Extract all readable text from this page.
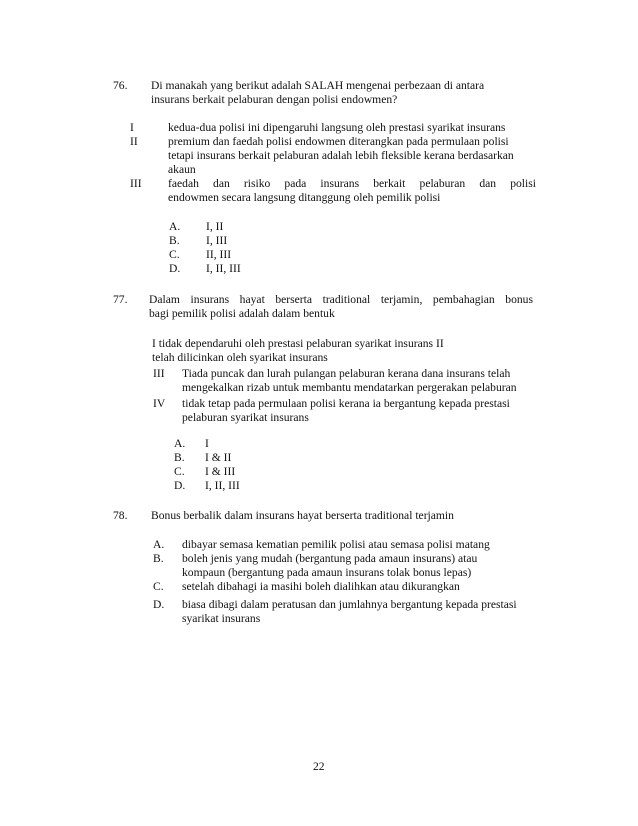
76. Di manakah yang berikut adalah SALAH mengenai perbezaan di antara
insurans berkait pelaburan dengan polisi endowmen?
I	kedua-dua polisi ini dipengaruhi langsung oleh prestasi syarikat insurans
II	premium dan faedah polisi endowmen diterangkan pada permulaan polisi
tetapi insurans berkait pelaburan adalah lebih fleksible kerana berdasarkan
akaun
III faedah dan risiko pada insurans berkait pelaburan dan polisi
endowmen secara langsung ditanggung oleh pemilik polisi
A. I, II
B. I, III
C. II, III
D. I, II, III
77. Dalam insurans hayat berserta traditional terjamin, pembahagian bonus
bagi pemilik polisi adalah dalam bentuk
I tidak dependaruhi oleh prestasi pelaburan syarikat insurans II
telah dilicinkan oleh syarikat insurans
III Tiada puncak dan lurah pulangan pelaburan kerana dana insurans telah
mengekalkan rizab untuk membantu mendatarkan pergerakan pelaburan
IV tidak tetap pada permulaan polisi kerana ia bergantung kepada prestasi
pelaburan syarikat insurans
A. I
B. I & II
C. I & III
D. I, II, III
78. Bonus berbalik dalam insurans hayat berserta traditional terjamin
A. dibayar semasa kematian pemilik polisi atau semasa polisi matang
B. boleh jenis yang mudah (bergantung pada amaun insurans) atau
kompaun (bergantung pada amaun insurans tolak bonus lepas)
C. setelah dibahagi ia masihi boleh dialihkan atau dikurangkan
D. biasa dibagi dalam peratusan dan jumlahnya bergantung kepada prestasi
syarikat insurans
22
